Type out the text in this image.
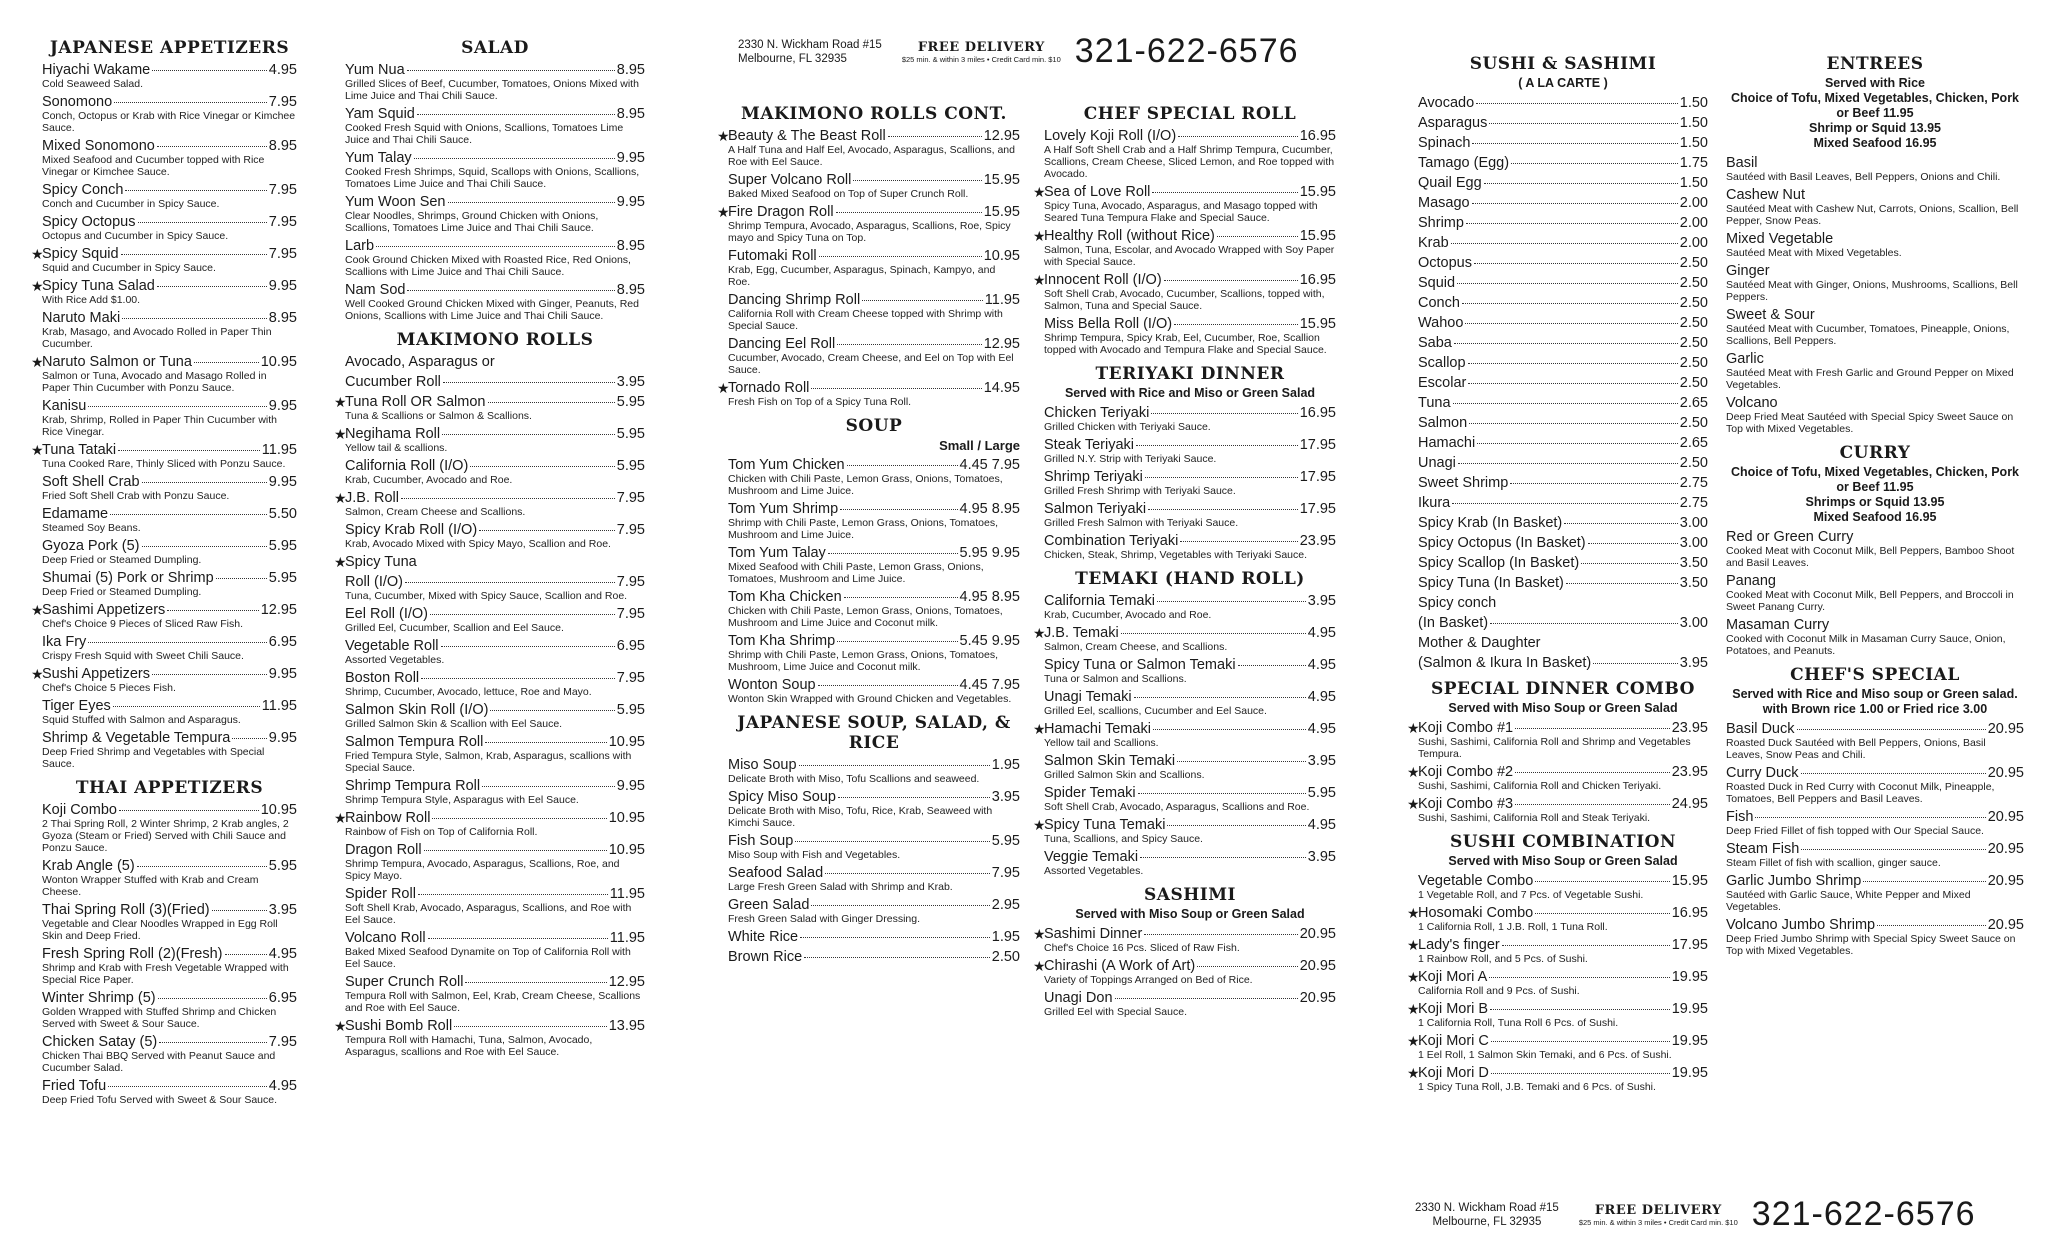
2330 N. Wickham Road #15
Melbourne, FL 32935
FREE DELIVERY
$25 min. & within 3 miles • Credit Card min. $10 321-622-6576
2330 N. Wickham Road #15
Melbourne, FL 32935
FREE DELIVERY
$25 min. & within 3 miles • Credit Card min. $10 321-622-6576
JAPANESE APPETIZERS
Hiyachi Wakame	4.95
Cold Seaweed Salad.
Sonomono	7.95
Conch, Octopus or Krab with Rice Vinegar or Kimchee Sauce.
Mixed Sonomono	8.95
Mixed Seafood and Cucumber topped with Rice Vinegar or Kimchee Sauce.
Spicy Conch	7.95
Conch and Cucumber in Spicy Sauce.
Spicy Octopus	7.95
Octopus and Cucumber in Spicy Sauce.
★
Spicy Squid	7.95
Squid and Cucumber in Spicy Sauce.
★
Spicy Tuna Salad	9.95
With Rice Add $1.00.
Naruto Maki	8.95
Krab, Masago, and Avocado Rolled in Paper Thin Cucumber.
★
Naruto Salmon or Tuna	10.95
Salmon or Tuna, Avocado and Masago Rolled in Paper Thin Cucumber with Ponzu Sauce.
Kanisu	9.95
Krab, Shrimp, Rolled in Paper Thin Cucumber with Rice Vinegar.
★
Tuna Tataki	11.95
Tuna Cooked Rare, Thinly Sliced with Ponzu Sauce.
Soft Shell Crab	9.95
Fried Soft Shell Crab with Ponzu Sauce.
Edamame	5.50
Steamed Soy Beans.
Gyoza Pork (5)	5.95
Deep Fried or Steamed Dumpling.
Shumai (5) Pork or Shrimp	5.95
Deep Fried or Steamed Dumpling.
★
Sashimi Appetizers	12.95
Chef's Choice 9 Pieces of Sliced Raw Fish.
Ika Fry	6.95
Crispy Fresh Squid with Sweet Chili Sauce.
★
Sushi Appetizers	9.95
Chef's Choice 5 Pieces Fish.
Tiger Eyes	11.95
Squid Stuffed with Salmon and Asparagus.
Shrimp & Vegetable Tempura	9.95
Deep Fried Shrimp and Vegetables with Special Sauce.
THAI APPETIZERS
Koji Combo	10.95
2 Thai Spring Roll, 2 Winter Shrimp, 2 Krab angles, 2 Gyoza (Steam or Fried) Served with Chili Sauce and Ponzu Sauce.
Krab Angle (5)	5.95
Wonton Wrapper Stuffed with Krab and Cream Cheese.
Thai Spring Roll (3)(Fried)	3.95
Vegetable and Clear Noodles Wrapped in Egg Roll Skin and Deep Fried.
Fresh Spring Roll (2)(Fresh)	4.95
Shrimp and Krab with Fresh Vegetable Wrapped with Special Rice Paper.
Winter Shrimp (5)	6.95
Golden Wrapped with Stuffed Shrimp and Chicken Served with Sweet & Sour Sauce.
Chicken Satay (5)	7.95
Chicken Thai BBQ Served with Peanut Sauce and Cucumber Salad.
Fried Tofu	4.95
Deep Fried Tofu Served with Sweet & Sour Sauce.
SALAD
Yum Nua	8.95
Grilled Slices of Beef, Cucumber, Tomatoes, Onions Mixed with Lime Juice and Thai Chili Sauce.
Yam Squid	8.95
Cooked Fresh Squid with Onions, Scallions, Tomatoes Lime Juice and Thai Chili Sauce.
Yum Talay	9.95
Cooked Fresh Shrimps, Squid, Scallops with Onions, Scallions, Tomatoes Lime Juice and Thai Chili Sauce.
Yum Woon Sen	9.95
Clear Noodles, Shrimps, Ground Chicken with Onions, Scallions, Tomatoes Lime Juice and Thai Chili Sauce.
Larb	8.95
Cook Ground Chicken Mixed with Roasted Rice, Red Onions, Scallions with Lime Juice and Thai Chili Sauce.
Nam Sod	8.95
Well Cooked Ground Chicken Mixed with Ginger, Peanuts, Red Onions, Scallions with Lime Juice and Thai Chili Sauce.
MAKIMONO ROLLS
Avocado, Asparagus or
Cucumber Roll	3.95
★
Tuna Roll OR Salmon	5.95
Tuna & Scallions or Salmon & Scallions.
★
Negihama Roll	5.95
Yellow tail & scallions.
California Roll (I/O)	5.95
Krab, Cucumber, Avocado and Roe.
★
J.B. Roll	7.95
Salmon, Cream Cheese and Scallions.
Spicy Krab Roll (I/O)	7.95
Krab, Avocado Mixed with Spicy Mayo, Scallion and Roe.
★
Spicy Tuna
Roll (I/O)	7.95
Tuna, Cucumber, Mixed with Spicy Sauce, Scallion and Roe.
Eel Roll (I/O)	7.95
Grilled Eel, Cucumber, Scallion and Eel Sauce.
Vegetable Roll	6.95
Assorted Vegetables.
Boston Roll	7.95
Shrimp, Cucumber, Avocado, lettuce, Roe and Mayo.
Salmon Skin Roll (I/O)	5.95
Grilled Salmon Skin & Scallion with Eel Sauce.
Salmon Tempura Roll	10.95
Fried Tempura Style, Salmon, Krab, Asparagus, scallions with Special Sauce.
Shrimp Tempura Roll	9.95
Shrimp Tempura Style, Asparagus with Eel Sauce.
★
Rainbow Roll	10.95
Rainbow of Fish on Top of California Roll.
Dragon Roll	10.95
Shrimp Tempura, Avocado, Asparagus, Scallions, Roe, and Spicy Mayo.
Spider Roll	11.95
Soft Shell Krab, Avocado, Asparagus, Scallions, and Roe with Eel Sauce.
Volcano Roll	11.95
Baked Mixed Seafood Dynamite on Top of California Roll with Eel Sauce.
Super Crunch Roll	12.95
Tempura Roll with Salmon, Eel, Krab, Cream Cheese, Scallions and Roe with Eel Sauce.
★
Sushi Bomb Roll	13.95
Tempura Roll with Hamachi, Tuna, Salmon, Avocado, Asparagus, scallions and Roe with Eel Sauce.
MAKIMONO ROLLS CONT.
★
Beauty & The Beast Roll	12.95
A Half Tuna and Half Eel, Avocado, Asparagus, Scallions, and Roe with Eel Sauce.
Super Volcano Roll	15.95
Baked Mixed Seafood on Top of Super Crunch Roll.
★
Fire Dragon Roll	15.95
Shrimp Tempura, Avocado, Asparagus, Scallions, Roe, Spicy mayo and Spicy Tuna on Top.
Futomaki Roll	10.95
Krab, Egg, Cucumber, Asparagus, Spinach, Kampyo, and Roe.
Dancing Shrimp Roll	11.95
California Roll with Cream Cheese topped with Shrimp with Special Sauce.
Dancing Eel Roll	12.95
Cucumber, Avocado, Cream Cheese, and Eel on Top with Eel Sauce.
★
Tornado Roll	14.95
Fresh Fish on Top of a Spicy Tuna Roll.
SOUP
Small / Large
Tom Yum Chicken	4.45 7.95
Chicken with Chili Paste, Lemon Grass, Onions, Tomatoes, Mushroom and Lime Juice.
Tom Yum Shrimp	4.95 8.95
Shrimp with Chili Paste, Lemon Grass, Onions, Tomatoes, Mushroom and Lime Juice.
Tom Yum Talay	5.95 9.95
Mixed Seafood with Chili Paste, Lemon Grass, Onions, Tomatoes, Mushroom and Lime Juice.
Tom Kha Chicken	4.95 8.95
Chicken with Chili Paste, Lemon Grass, Onions, Tomatoes, Mushroom and Lime Juice and Coconut milk.
Tom Kha Shrimp	5.45 9.95
Shrimp with Chili Paste, Lemon Grass, Onions, Tomatoes, Mushroom, Lime Juice and Coconut milk.
Wonton Soup	4.45 7.95
Wonton Skin Wrapped with Ground Chicken and Vegetables.
JAPANESE SOUP, SALAD, & RICE
Miso Soup	1.95
Delicate Broth with Miso, Tofu Scallions and seaweed.
Spicy Miso Soup	3.95
Delicate Broth with Miso, Tofu, Rice, Krab, Seaweed with Kimchi Sauce.
Fish Soup	5.95
Miso Soup with Fish and Vegetables.
Seafood Salad	7.95
Large Fresh Green Salad with Shrimp and Krab.
Green Salad	2.95
Fresh Green Salad with Ginger Dressing.
White Rice	1.95
Brown Rice	2.50
CHEF SPECIAL ROLL
Lovely Koji Roll (I/O)	16.95
A Half Soft Shell Crab and a Half Shrimp Tempura, Cucumber, Scallions, Cream Cheese, Sliced Lemon, and Roe topped with Avocado.
★
Sea of Love Roll	15.95
Spicy Tuna, Avocado, Asparagus, and Masago topped with Seared Tuna Tempura Flake and Special Sauce.
★
Healthy Roll (without Rice)	15.95
Salmon, Tuna, Escolar, and Avocado Wrapped with Soy Paper with Special Sauce.
★
Innocent Roll (I/O)	16.95
Soft Shell Crab, Avocado, Cucumber, Scallions, topped with, Salmon, Tuna and Special Sauce.
Miss Bella Roll (I/O)	15.95
Shrimp Tempura, Spicy Krab, Eel, Cucumber, Roe, Scallion topped with Avocado and Tempura Flake and Special Sauce.
TERIYAKI DINNER
Served with Rice and Miso or Green Salad
Chicken Teriyaki	16.95
Grilled Chicken with Teriyaki Sauce.
Steak Teriyaki	17.95
Grilled N.Y. Strip with Teriyaki Sauce.
Shrimp Teriyaki	17.95
Grilled Fresh Shrimp with Teriyaki Sauce.
Salmon Teriyaki	17.95
Grilled Fresh Salmon with Teriyaki Sauce.
Combination Teriyaki	23.95
Chicken, Steak, Shrimp, Vegetables with Teriyaki Sauce.
TEMAKI (HAND ROLL)
California Temaki	3.95
Krab, Cucumber, Avocado and Roe.
★
J.B. Temaki	4.95
Salmon, Cream Cheese, and Scallions.
Spicy Tuna or Salmon Temaki	4.95
Tuna or Salmon and Scallions.
Unagi Temaki	4.95
Grilled Eel, scallions, Cucumber and Eel Sauce.
★
Hamachi Temaki	4.95
Yellow tail and Scallions.
Salmon Skin Temaki	3.95
Grilled Salmon Skin and Scallions.
Spider Temaki	5.95
Soft Shell Crab, Avocado, Asparagus, Scallions and Roe.
★
Spicy Tuna Temaki	4.95
Tuna, Scallions, and Spicy Sauce.
Veggie Temaki	3.95
Assorted Vegetables.
SASHIMI
Served with Miso Soup or Green Salad
★
Sashimi Dinner	20.95
Chef's Choice 16 Pcs. Sliced of Raw Fish.
★
Chirashi (A Work of Art)	20.95
Variety of Toppings Arranged on Bed of Rice.
Unagi Don	20.95
Grilled Eel with Special Sauce.
SUSHI & SASHIMI
( A LA CARTE )
Avocado	1.50
Asparagus	1.50
Spinach	1.50
Tamago (Egg)	1.75
Quail Egg	1.50
Masago	2.00
Shrimp	2.00
Krab	2.00
Octopus	2.50
Squid	2.50
Conch	2.50
Wahoo	2.50
Saba	2.50
Scallop	2.50
Escolar	2.50
Tuna	2.65
Salmon	2.50
Hamachi	2.65
Unagi	2.50
Sweet Shrimp	2.75
Ikura	2.75
Spicy Krab (In Basket)	3.00
Spicy Octopus (In Basket)	3.00
Spicy Scallop (In Basket)	3.50
Spicy Tuna (In Basket)	3.50
Spicy conch
(In Basket)	3.00
Mother & Daughter
(Salmon & Ikura In Basket)	3.95
SPECIAL DINNER COMBO
Served with Miso Soup or Green Salad
★
Koji Combo #1	23.95
Sushi, Sashimi, California Roll and Shrimp and Vegetables Tempura.
★
Koji Combo #2	23.95
Sushi, Sashimi, California Roll and Chicken Teriyaki.
★
Koji Combo #3	24.95
Sushi, Sashimi, California Roll and Steak Teriyaki.
SUSHI COMBINATION
Served with Miso Soup or Green Salad
Vegetable Combo	15.95
1 Vegetable Roll, and 7 Pcs. of Vegetable Sushi.
★
Hosomaki Combo	16.95
1 California Roll, 1 J.B. Roll, 1 Tuna Roll.
★
Lady's finger	17.95
1 Rainbow Roll, and 5 Pcs. of Sushi.
★
Koji Mori A	19.95
California Roll and 9 Pcs. of Sushi.
★
Koji Mori B	19.95
1 California Roll, Tuna Roll 6 Pcs. of Sushi.
★
Koji Mori C	19.95
1 Eel Roll, 1 Salmon Skin Temaki, and 6 Pcs. of Sushi.
★
Koji Mori D	19.95
1 Spicy Tuna Roll, J.B. Temaki and 6 Pcs. of Sushi.
ENTREES
Served with Rice
Choice of Tofu, Mixed Vegetables, Chicken, Pork or Beef 11.95
Shrimp or Squid 13.95
Mixed Seafood 16.95
Basil
Sautéed with Basil Leaves, Bell Peppers, Onions and Chili.
Cashew Nut
Sautéed Meat with Cashew Nut, Carrots, Onions, Scallion, Bell Pepper, Snow Peas.
Mixed Vegetable
Sautéed Meat with Mixed Vegetables.
Ginger
Sautéed Meat with Ginger, Onions, Mushrooms, Scallions, Bell Peppers.
Sweet & Sour
Sautéed Meat with Cucumber, Tomatoes, Pineapple, Onions, Scallions, Bell Peppers.
Garlic
Sautéed Meat with Fresh Garlic and Ground Pepper on Mixed Vegetables.
Volcano
Deep Fried Meat Sautéed with Special Spicy Sweet Sauce on Top with Mixed Vegetables.
CURRY
Choice of Tofu, Mixed Vegetables, Chicken, Pork or Beef 11.95
Shrimps or Squid 13.95
Mixed Seafood 16.95
Red or Green Curry
Cooked Meat with Coconut Milk, Bell Peppers, Bamboo Shoot and Basil Leaves.
Panang
Cooked Meat with Coconut Milk, Bell Peppers, and Broccoli in Sweet Panang Curry.
Masaman Curry
Cooked with Coconut Milk in Masaman Curry Sauce, Onion, Potatoes, and Peanuts.
CHEF'S SPECIAL
Served with Rice and Miso soup or Green salad.
with Brown rice 1.00 or Fried rice 3.00
Basil Duck	20.95
Roasted Duck Sautéed with Bell Peppers, Onions, Basil Leaves, Snow Peas and Chili.
Curry Duck	20.95
Roasted Duck in Red Curry with Coconut Milk, Pineapple, Tomatoes, Bell Peppers and Basil Leaves.
Fish	20.95
Deep Fried Fillet of fish topped with Our Special Sauce.
Steam Fish	20.95
Steam Fillet of fish with scallion, ginger sauce.
Garlic Jumbo Shrimp	20.95
Sautéed with Garlic Sauce, White Pepper and Mixed Vegetables.
Volcano Jumbo Shrimp	20.95
Deep Fried Jumbo Shrimp with Special Spicy Sweet Sauce on Top with Mixed Vegetables.
